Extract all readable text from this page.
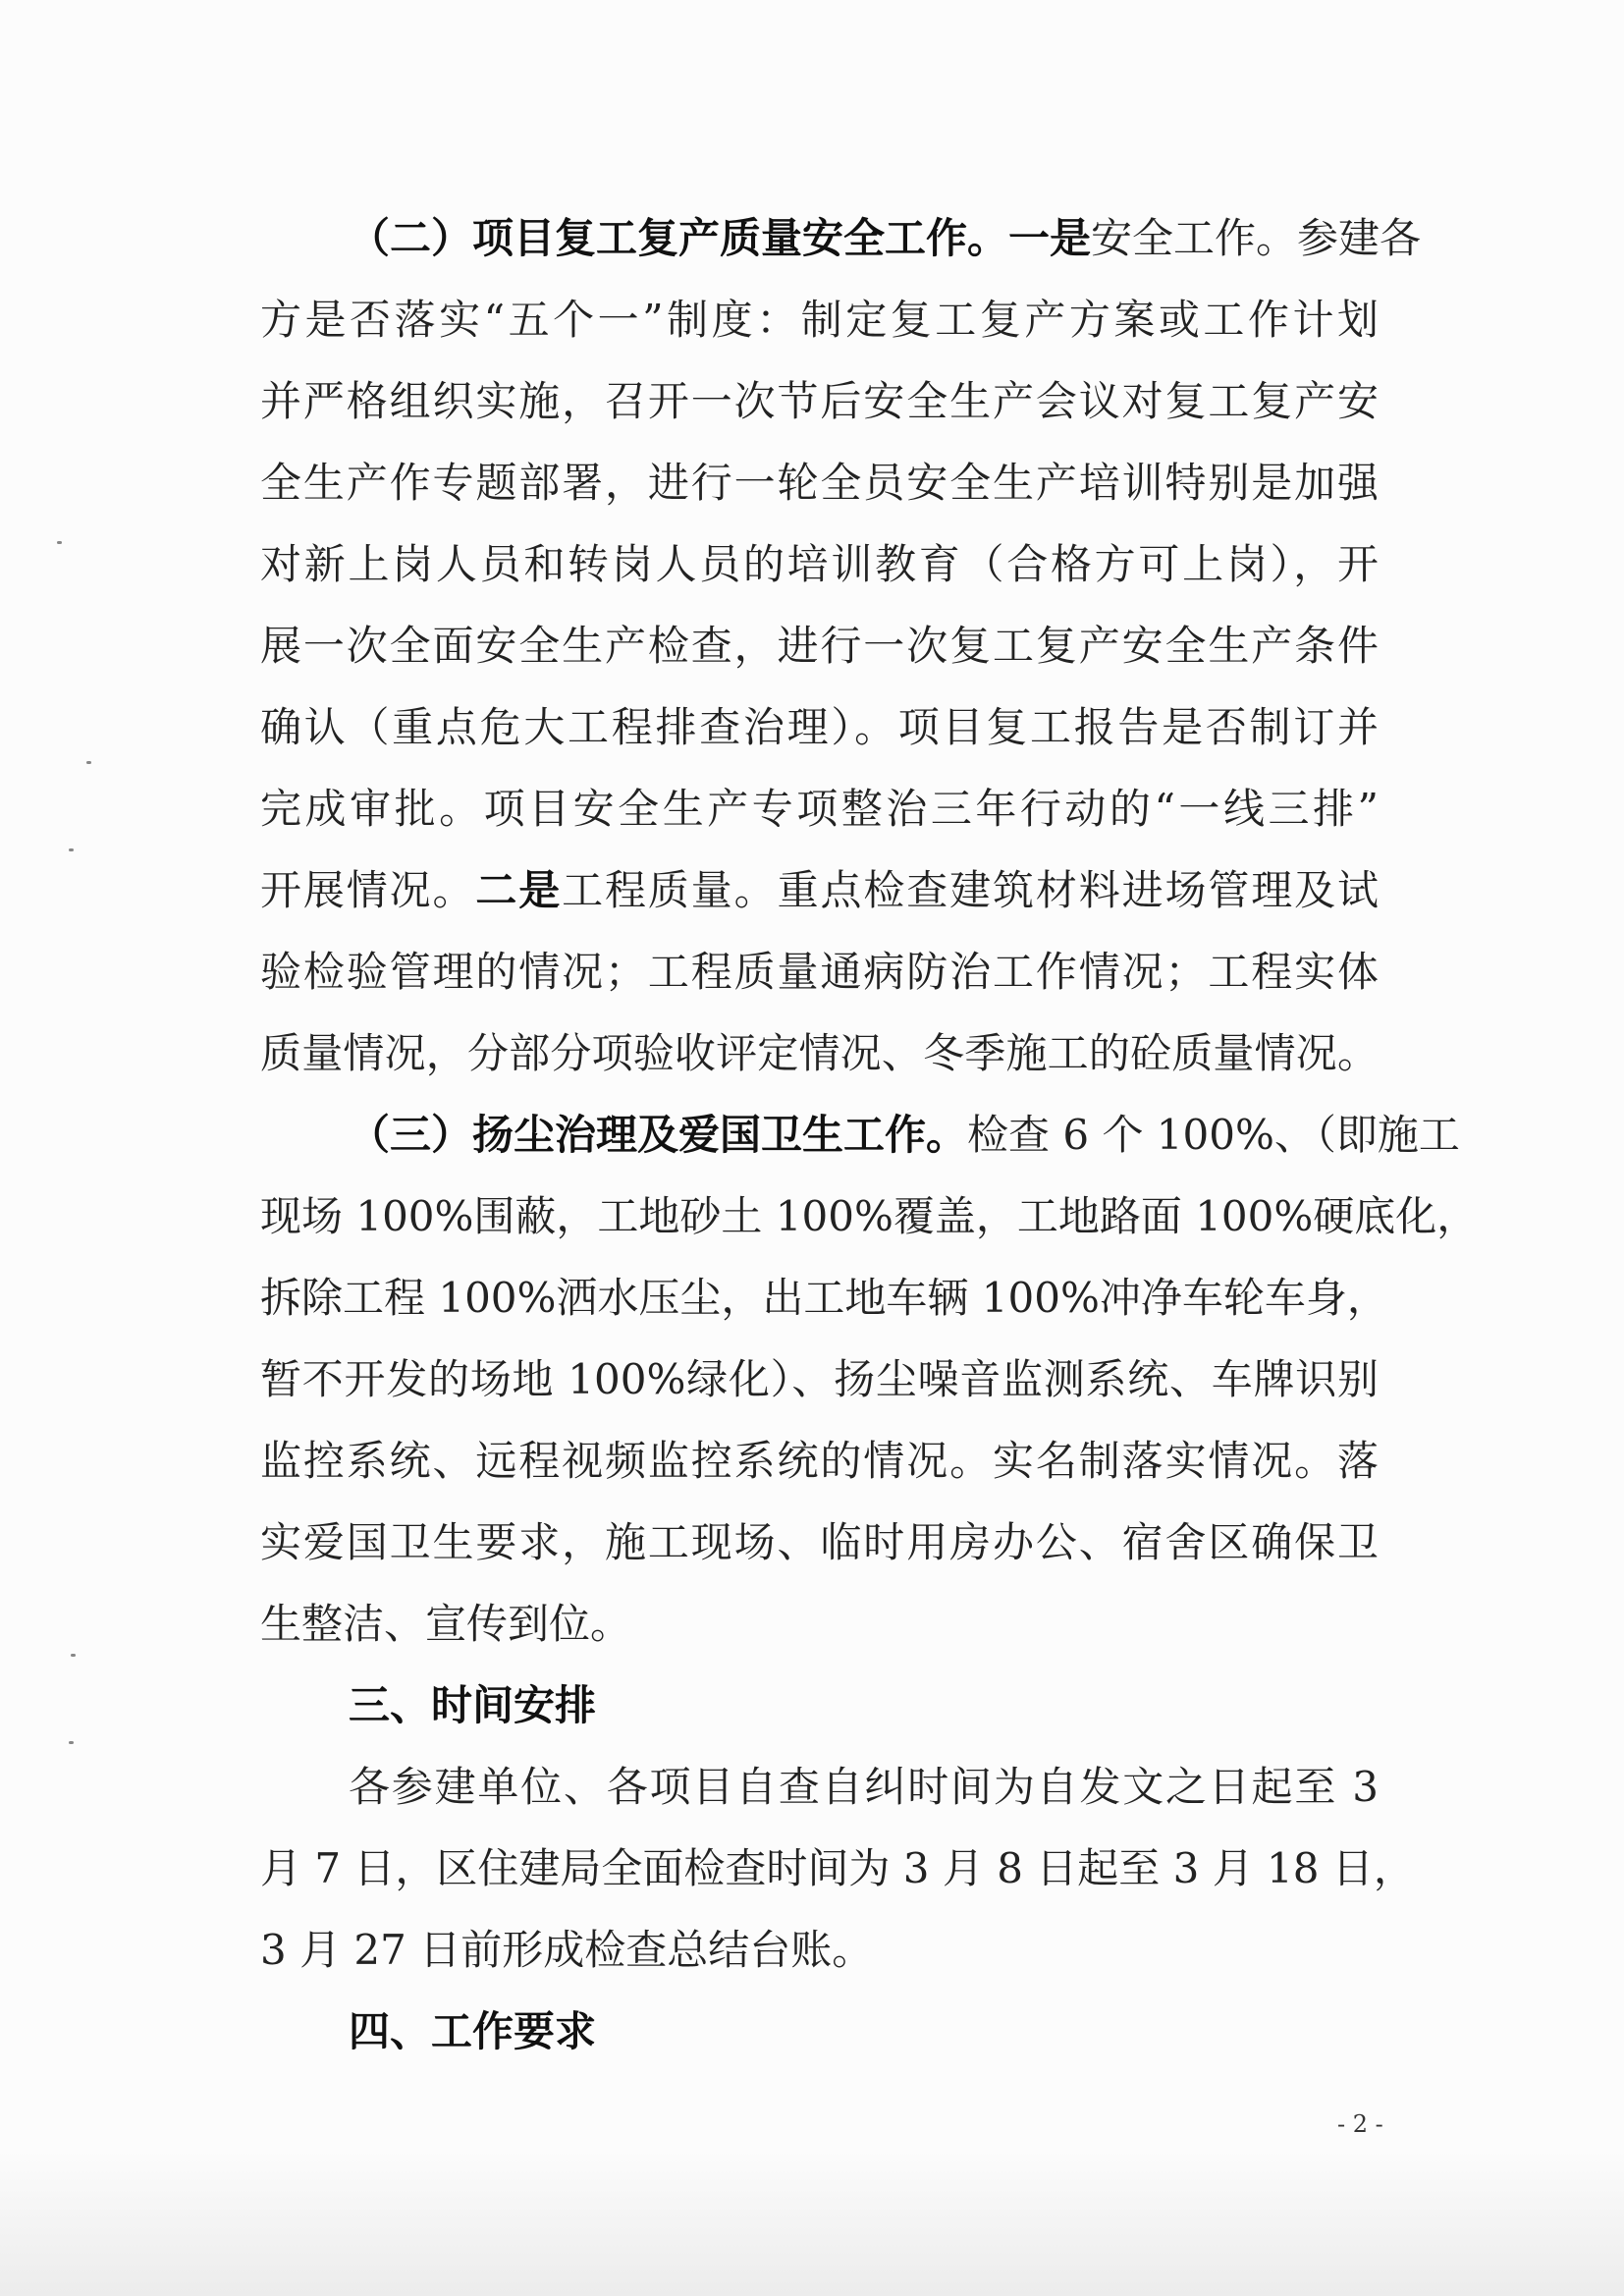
（二）项目复工复产质量安全工作。一是安全工作。参建各
方是否落实“五个一”制度：制定复工复产方案或工作计划
并严格组织实施，召开一次节后安全生产会议对复工复产安
全生产作专题部署，进行一轮全员安全生产培训特别是加强
对新上岗人员和转岗人员的培训教育（合格方可上岗），开
展一次全面安全生产检查，进行一次复工复产安全生产条件
确认（重点危大工程排查治理）。项目复工报告是否制订并
完成审批。项目安全生产专项整治三年行动的“一线三排”
开展情况。二是工程质量。重点检查建筑材料进场管理及试
验检验管理的情况；工程质量通病防治工作情况；工程实体
质量情况，分部分项验收评定情况、冬季施工的砼质量情况。
（三）扬尘治理及爱国卫生工作。检查 6 个 100%、（即施工
现场 100%围蔽，工地砂土 100%覆盖，工地路面 100%硬底化，
拆除工程 100%洒水压尘，出工地车辆 100%冲净车轮车身，
暂不开发的场地 100%绿化）、扬尘噪音监测系统、车牌识别
监控系统、远程视频监控系统的情况。实名制落实情况。落
实爱国卫生要求，施工现场、临时用房办公、宿舍区确保卫
生整洁、宣传到位。
三、时间安排
各参建单位、各项目自查自纠时间为自发文之日起至 3
月 7 日，区住建局全面检查时间为 3 月 8 日起至 3 月 18 日，
3 月 27 日前形成检查总结台账。
四、工作要求
- 2 -
